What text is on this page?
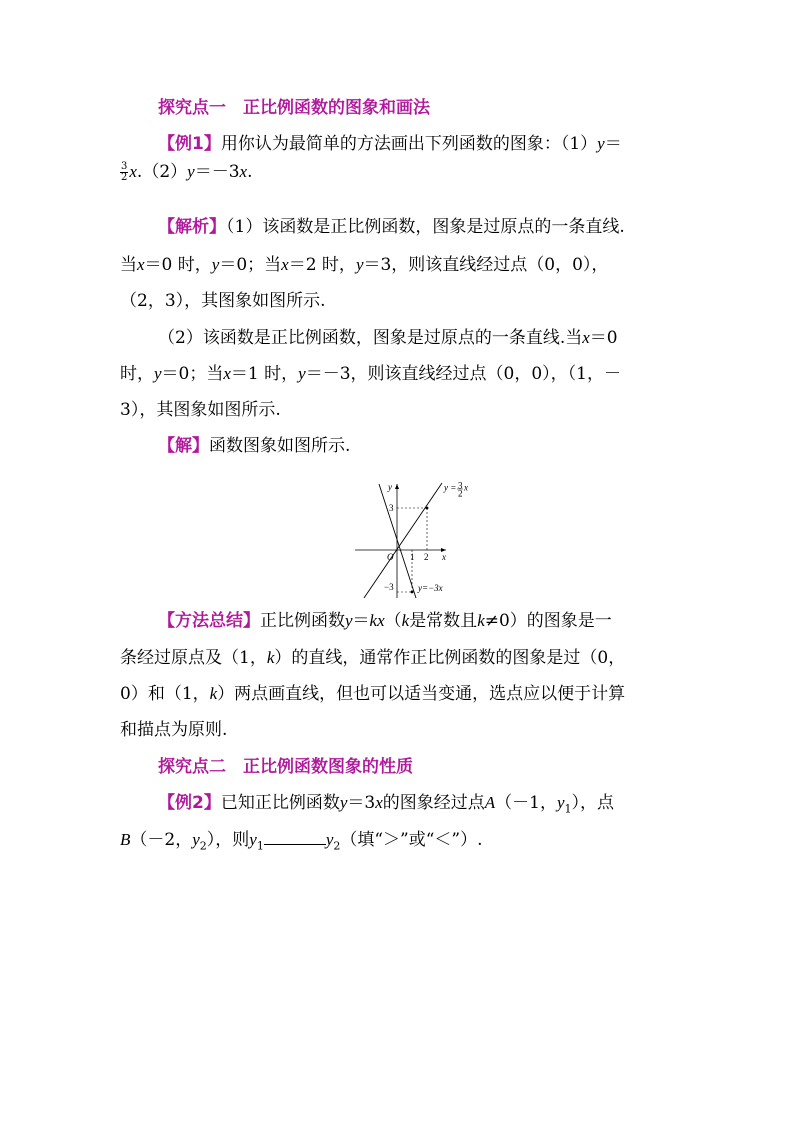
探究点一　正比例函数的图象和画法
【例1】用你认为最简单的方法画出下列函数的图象：（1）y＝
$\frac{3}{2} x.(2)y=-3x$.
【解析】（1）该函数是正比例函数，图象是过原点的一条直线.
当x＝0 时，y＝0；当x＝2 时，y＝3，则该直线经过点（0，0），
（2，3），其图象如图所示.
（2）该函数是正比例函数，图象是过原点的一条直线.当x＝0
时，y＝0；当x＝1 时，y＝－3，则该直线经过点（0，0），（1，－
3），其图象如图所示.
【解】函数图象如图所示.
y
x
O
3
−3
1 2
y = 3
2
x
y=−3x
【方法总结】正比例函数y＝kx（k是常数且k≠0）的图象是一
条经过原点及（1，k）的直线，通常作正比例函数的图象是过（0，
0）和（1，k）两点画直线，但也可以适当变通，选点应以便于计算
和描点为原则.
探究点二　正比例函数图象的性质
【例2】已知正比例函数y＝3x的图象经过点A（－1，$y_1$），点
B（－2，$y_2$），则$y_1$	$y_2$（填“＞”或“＜”）.
